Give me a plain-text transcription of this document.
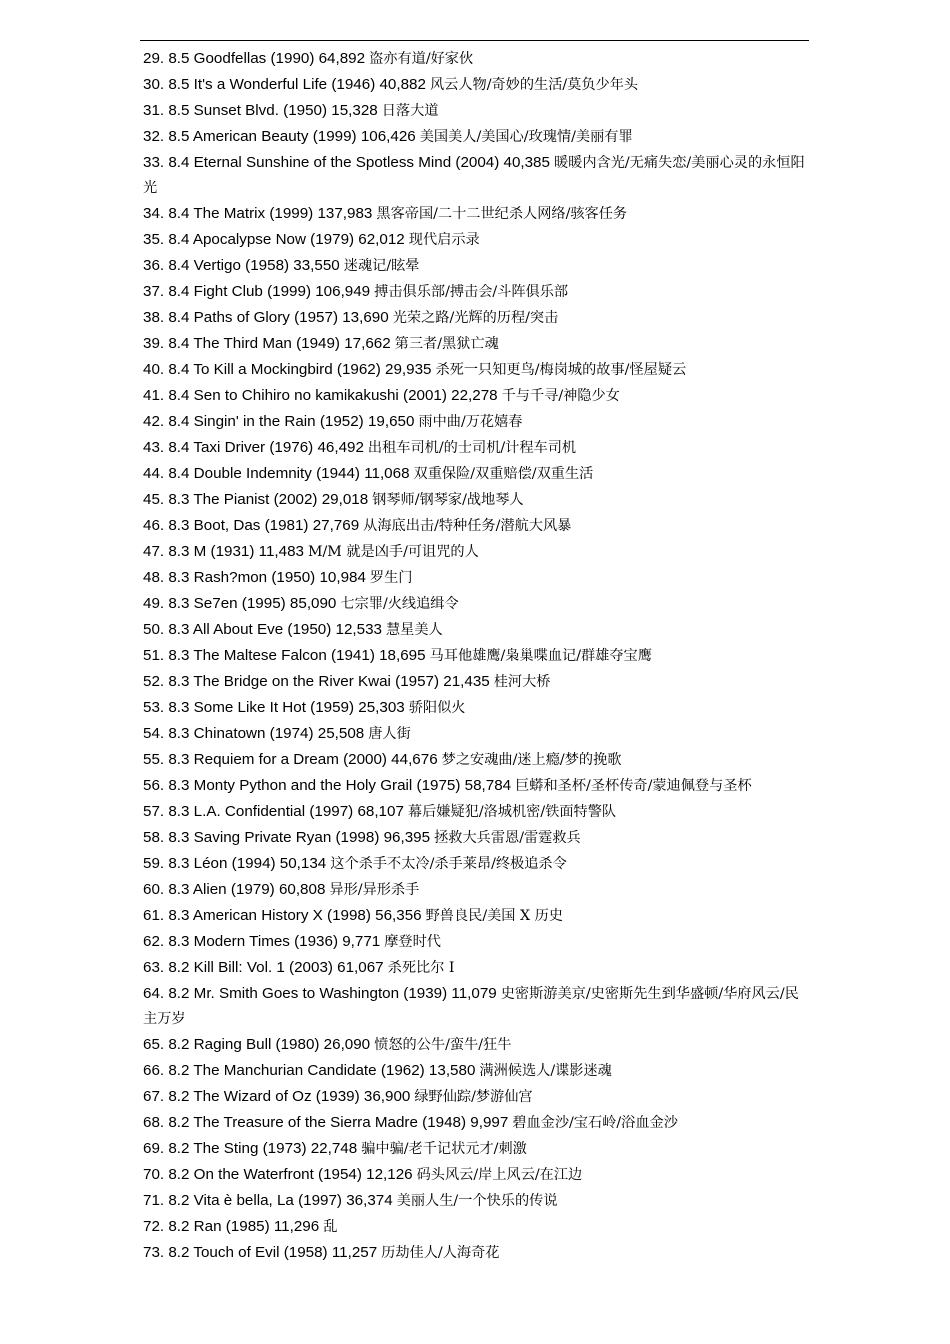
29. 8.5 Goodfellas (1990) 64,892 盗亦有道/好家伙
30. 8.5 It's a Wonderful Life (1946) 40,882 风云人物/奇妙的生活/莫负少年头
31. 8.5 Sunset Blvd. (1950) 15,328 日落大道
32. 8.5 American Beauty (1999) 106,426 美国美人/美国心/玫瑰情/美丽有罪
33. 8.4 Eternal Sunshine of the Spotless Mind (2004) 40,385 暖暖内含光/无痛失恋/美丽心灵的永恒阳光
34. 8.4 The Matrix (1999) 137,983 黑客帝国/二十二世纪杀人网络/骇客任务
35. 8.4 Apocalypse Now (1979) 62,012 现代启示录
36. 8.4 Vertigo (1958) 33,550 迷魂记/眩晕
37. 8.4 Fight Club (1999) 106,949 搏击俱乐部/搏击会/斗阵俱乐部
38. 8.4 Paths of Glory (1957) 13,690 光荣之路/光辉的历程/突击
39. 8.4 The Third Man (1949) 17,662 第三者/黑狱亡魂
40. 8.4 To Kill a Mockingbird (1962) 29,935 杀死一只知更鸟/梅岗城的故事/怪屋疑云
41. 8.4 Sen to Chihiro no kamikakushi (2001) 22,278 千与千寻/神隐少女
42. 8.4 Singin' in the Rain (1952) 19,650 雨中曲/万花嬉春
43. 8.4 Taxi Driver (1976) 46,492 出租车司机/的士司机/计程车司机
44. 8.4 Double Indemnity (1944) 11,068 双重保险/双重赔偿/双重生活
45. 8.3 The Pianist (2002) 29,018 钢琴师/钢琴家/战地琴人
46. 8.3 Boot, Das (1981) 27,769 从海底出击/特种任务/潜航大风暴
47. 8.3 M (1931) 11,483 M/M 就是凶手/可诅咒的人
48. 8.3 Rash?mon (1950) 10,984 罗生门
49. 8.3 Se7en (1995) 85,090 七宗罪/火线追缉令
50. 8.3 All About Eve (1950) 12,533 慧星美人
51. 8.3 The Maltese Falcon (1941) 18,695 马耳他雄鹰/枭巢喋血记/群雄夺宝鹰
52. 8.3 The Bridge on the River Kwai (1957) 21,435 桂河大桥
53. 8.3 Some Like It Hot (1959) 25,303 骄阳似火
54. 8.3 Chinatown (1974) 25,508 唐人街
55. 8.3 Requiem for a Dream (2000) 44,676 梦之安魂曲/迷上瘾/梦的挽歌
56. 8.3 Monty Python and the Holy Grail (1975) 58,784 巨蟒和圣杯/圣杯传奇/蒙迪佩登与圣杯
57. 8.3 L.A. Confidential (1997) 68,107 幕后嫌疑犯/洛城机密/铁面特警队
58. 8.3 Saving Private Ryan (1998) 96,395 拯救大兵雷恩/雷霆救兵
59. 8.3 Léon (1994) 50,134 这个杀手不太冷/杀手莱昂/终极追杀令
60. 8.3 Alien (1979) 60,808 异形/异形杀手
61. 8.3 American History X (1998) 56,356 野兽良民/美国 X 历史
62. 8.3 Modern Times (1936) 9,771 摩登时代
63. 8.2 Kill Bill: Vol. 1 (2003) 61,067 杀死比尔 I
64. 8.2 Mr. Smith Goes to Washington (1939) 11,079 史密斯游美京/史密斯先生到华盛顿/华府风云/民主万岁
65. 8.2 Raging Bull (1980) 26,090 愤怒的公牛/蛮牛/狂牛
66. 8.2 The Manchurian Candidate (1962) 13,580 满洲候选人/谍影迷魂
67. 8.2 The Wizard of Oz (1939) 36,900 绿野仙踪/梦游仙宫
68. 8.2 The Treasure of the Sierra Madre (1948) 9,997 碧血金沙/宝石岭/浴血金沙
69. 8.2 The Sting (1973) 22,748 骗中骗/老千记状元才/刺激
70. 8.2 On the Waterfront (1954) 12,126 码头风云/岸上风云/在江边
71. 8.2 Vita è bella, La (1997) 36,374 美丽人生/一个快乐的传说
72. 8.2 Ran (1985) 11,296 乱
73. 8.2 Touch of Evil (1958) 11,257 历劫佳人/人海奇花
